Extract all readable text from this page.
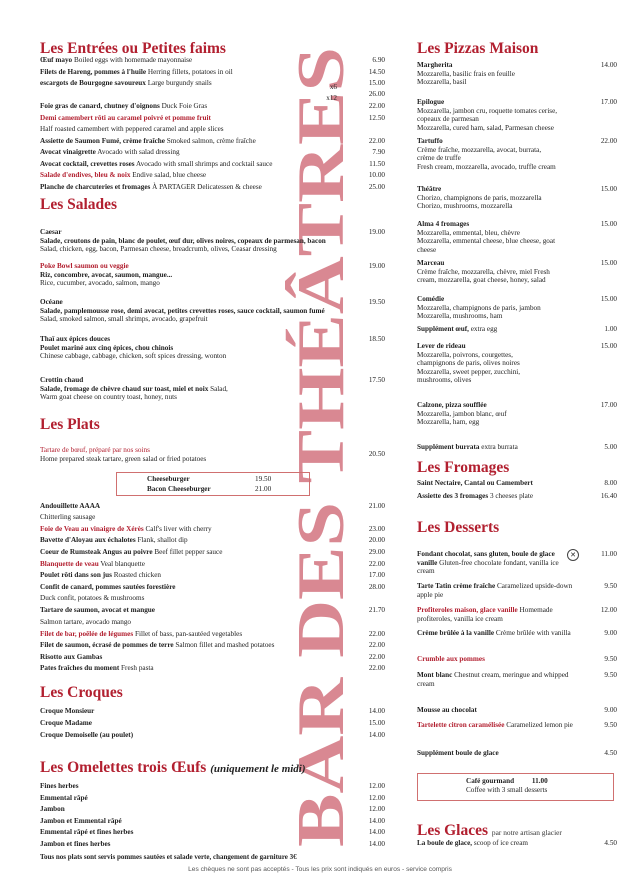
BAR DES THÉÂTRES
Les Entrées ou Petites faims
Œuf mayo Boiled eggs with homemade mayonnaise	6.90
Filets de Hareng, pommes à l'huile Herring fillets, potatoes in oil	14.50
escargots de Bourgogne savoureux Large burgundy snails	x6	15.00
x12	26.00
Foie gras de canard, chutney d'oignons Duck Foie Gras	22.00
Demi camembert rôti au caramel poivré et pomme fruit	12.50
Half roasted camembert with peppered caramel and apple slices
Assiette de Saumon Fumé, crème fraîche Smoked salmon, crème fraîche	22.00
Avocat vinaigrette Avocado with salad dressing	7.90
Avocat cocktail, crevettes roses Avocado with small shrimps and cocktail sauce	11.50
Salade d'endives, bleu & noix Endive salad, blue cheese	10.00
Planche de charcuteries et fromages À PARTAGER Delicatessen & cheese	25.00
Les Salades
Caesar
Salade, croutons de pain, blanc de poulet, œuf dur, olives noires, copeaux de parmesan, bacon
Salad, chicken, egg, bacon, Parmesan cheese, breadcrumb, olives, Ceasar dressing
19.00
Poke Bowl saumon ou veggie
Riz, concombre, avocat, saumon, mangue...
Rice, cucumber, avocado, salmon, mango
19.00
Océane
Salade, pamplemousse rose, demi avocat, petites crevettes roses, sauce cocktail, saumon fumé
Salad, smoked salmon, small shrimps, avocado, grapefruit
19.50
Thaï aux épices douces
Poulet mariné aux cinq épices, chou chinois
Chinese cabbage, cabbage, chicken, soft spices dressing, wonton
18.50
Crottin chaud
Salade, fromage de chèvre chaud sur toast, miel et noix Salad,
Warm goat cheese on country toast, honey, nuts
17.50
Les Plats
Tartare de bœuf, préparé par nos soins
Home prepared steak tartare, green salad or fried potatoes
20.50
Cheeseburger	19.50
Bacon Cheeseburger	21.00
Andouillette AAAA	21.00
Chitterling sausage
Foie de Veau au vinaigre de Xérès Calf's liver with cherry	23.00
Bavette d'Aloyau aux échalotes Flank, shallot dip	20.00
Coeur de Rumsteak Angus au poivre Beef fillet pepper sauce	29.00
Blanquette de veau Veal blanquette	22.00
Poulet rôti dans son jus Roasted chicken	17.00
Confit de canard, pommes sautées forestière	28.00
Duck confit, potatoes & mushrooms
Tartare de saumon, avocat et mangue	21.70
Salmon tartare, avocado mango
Filet de bar, poêlée de légumes Fillet of bass, pan-sautéed vegetables	22.00
Filet de saumon, écrasé de pommes de terre Salmon fillet and mashed potatoes	22.00
Risotto aux Gambas	22.00
Pates fraîches du moment Fresh pasta	22.00
Les Croques
Croque Monsieur	14.00
Croque Madame	15.00
Croque Demoiselle (au poulet)	14.00
Les Omelettes trois Œufs (uniquement le midi)
Fines herbes	12.00
Emmental râpé	12.00
Jambon	12.00
Jambon et Emmental râpé	14.00
Emmental râpé et fines herbes	14.00
Jambon et fines herbes	14.00
Tous nos plats sont servis pommes sautées et salade verte, changement de garniture 3€
Les Pizzas Maison
Margherita
Mozzarella, basilic frais en feuille
Mozzarella, basil
14.00
Epilogue
Mozzarella, jambon cru, roquette tomates cerise,
copeaux de parmesan
Mozzarella, cured ham, salad, Parmesan cheese
17.00
Tartuffo
Crème fraîche, mozzarella, avocat, burrata,
crème de truffe
Fresh cream, mozzarella, avocado, truffle cream
22.00
Théâtre
Chorizo, champignons de paris, mozzarella
Chorizo, mushrooms, mozzarella
15.00
Alma 4 fromages
Mozzarella, emmental, bleu, chèvre
Mozzarella, emmental cheese, blue cheese, goat
cheese
15.00
Marceau
Crème fraîche, mozzarella, chèvre, miel Fresh
cream, mozzarella, goat cheese, honey, salad
15.00
Comédie
Mozzarella, champignons de paris, jambon
Mozzarella, mushrooms, ham
15.00
Supplément œuf, extra egg	1.00
Lever de rideau
Mozzarella, poivrons, courgettes,
champignons de paris, olives noires
Mozzarella, sweet pepper, zucchini,
mushrooms, olives
15.00
Calzone, pizza soufflée
Mozzarella, jambon blanc, œuf
Mozzarella, ham, egg
17.00
Supplément burrata extra burrata	5.00
Les Fromages
Saint Nectaire, Cantal ou Camembert	8.00
Assiette des 3 fromages 3 cheeses plate	16.40
Les Desserts
Fondant chocolat, sans gluten, boule de glace vanille Gluten-free chocolate fondant, vanilla ice cream
11.00
Tarte Tatin crème fraîche Caramelized upside-down apple pie
9.50
Profiteroles maison, glace vanille Homemade profiteroles, vanilla ice cream
12.00
Crème brûlée à la vanille Crème brûlée with vanilla	9.00
Crumble aux pommes	9.50
Mont blanc Chestnut cream, meringue and whipped cream
9.50
Mousse au chocolat	9.00
Tartelette citron caramélisée Caramelized lemon pie	9.50
Supplément boule de glace	4.50
✕
Café gourmand 11.00
Coffee with 3 small desserts
Les Glaces par notre artisan glacier
La boule de glace, scoop of ice cream	4.50
Les chèques ne sont pas acceptés - Tous les prix sont indiqués en euros - service compris
